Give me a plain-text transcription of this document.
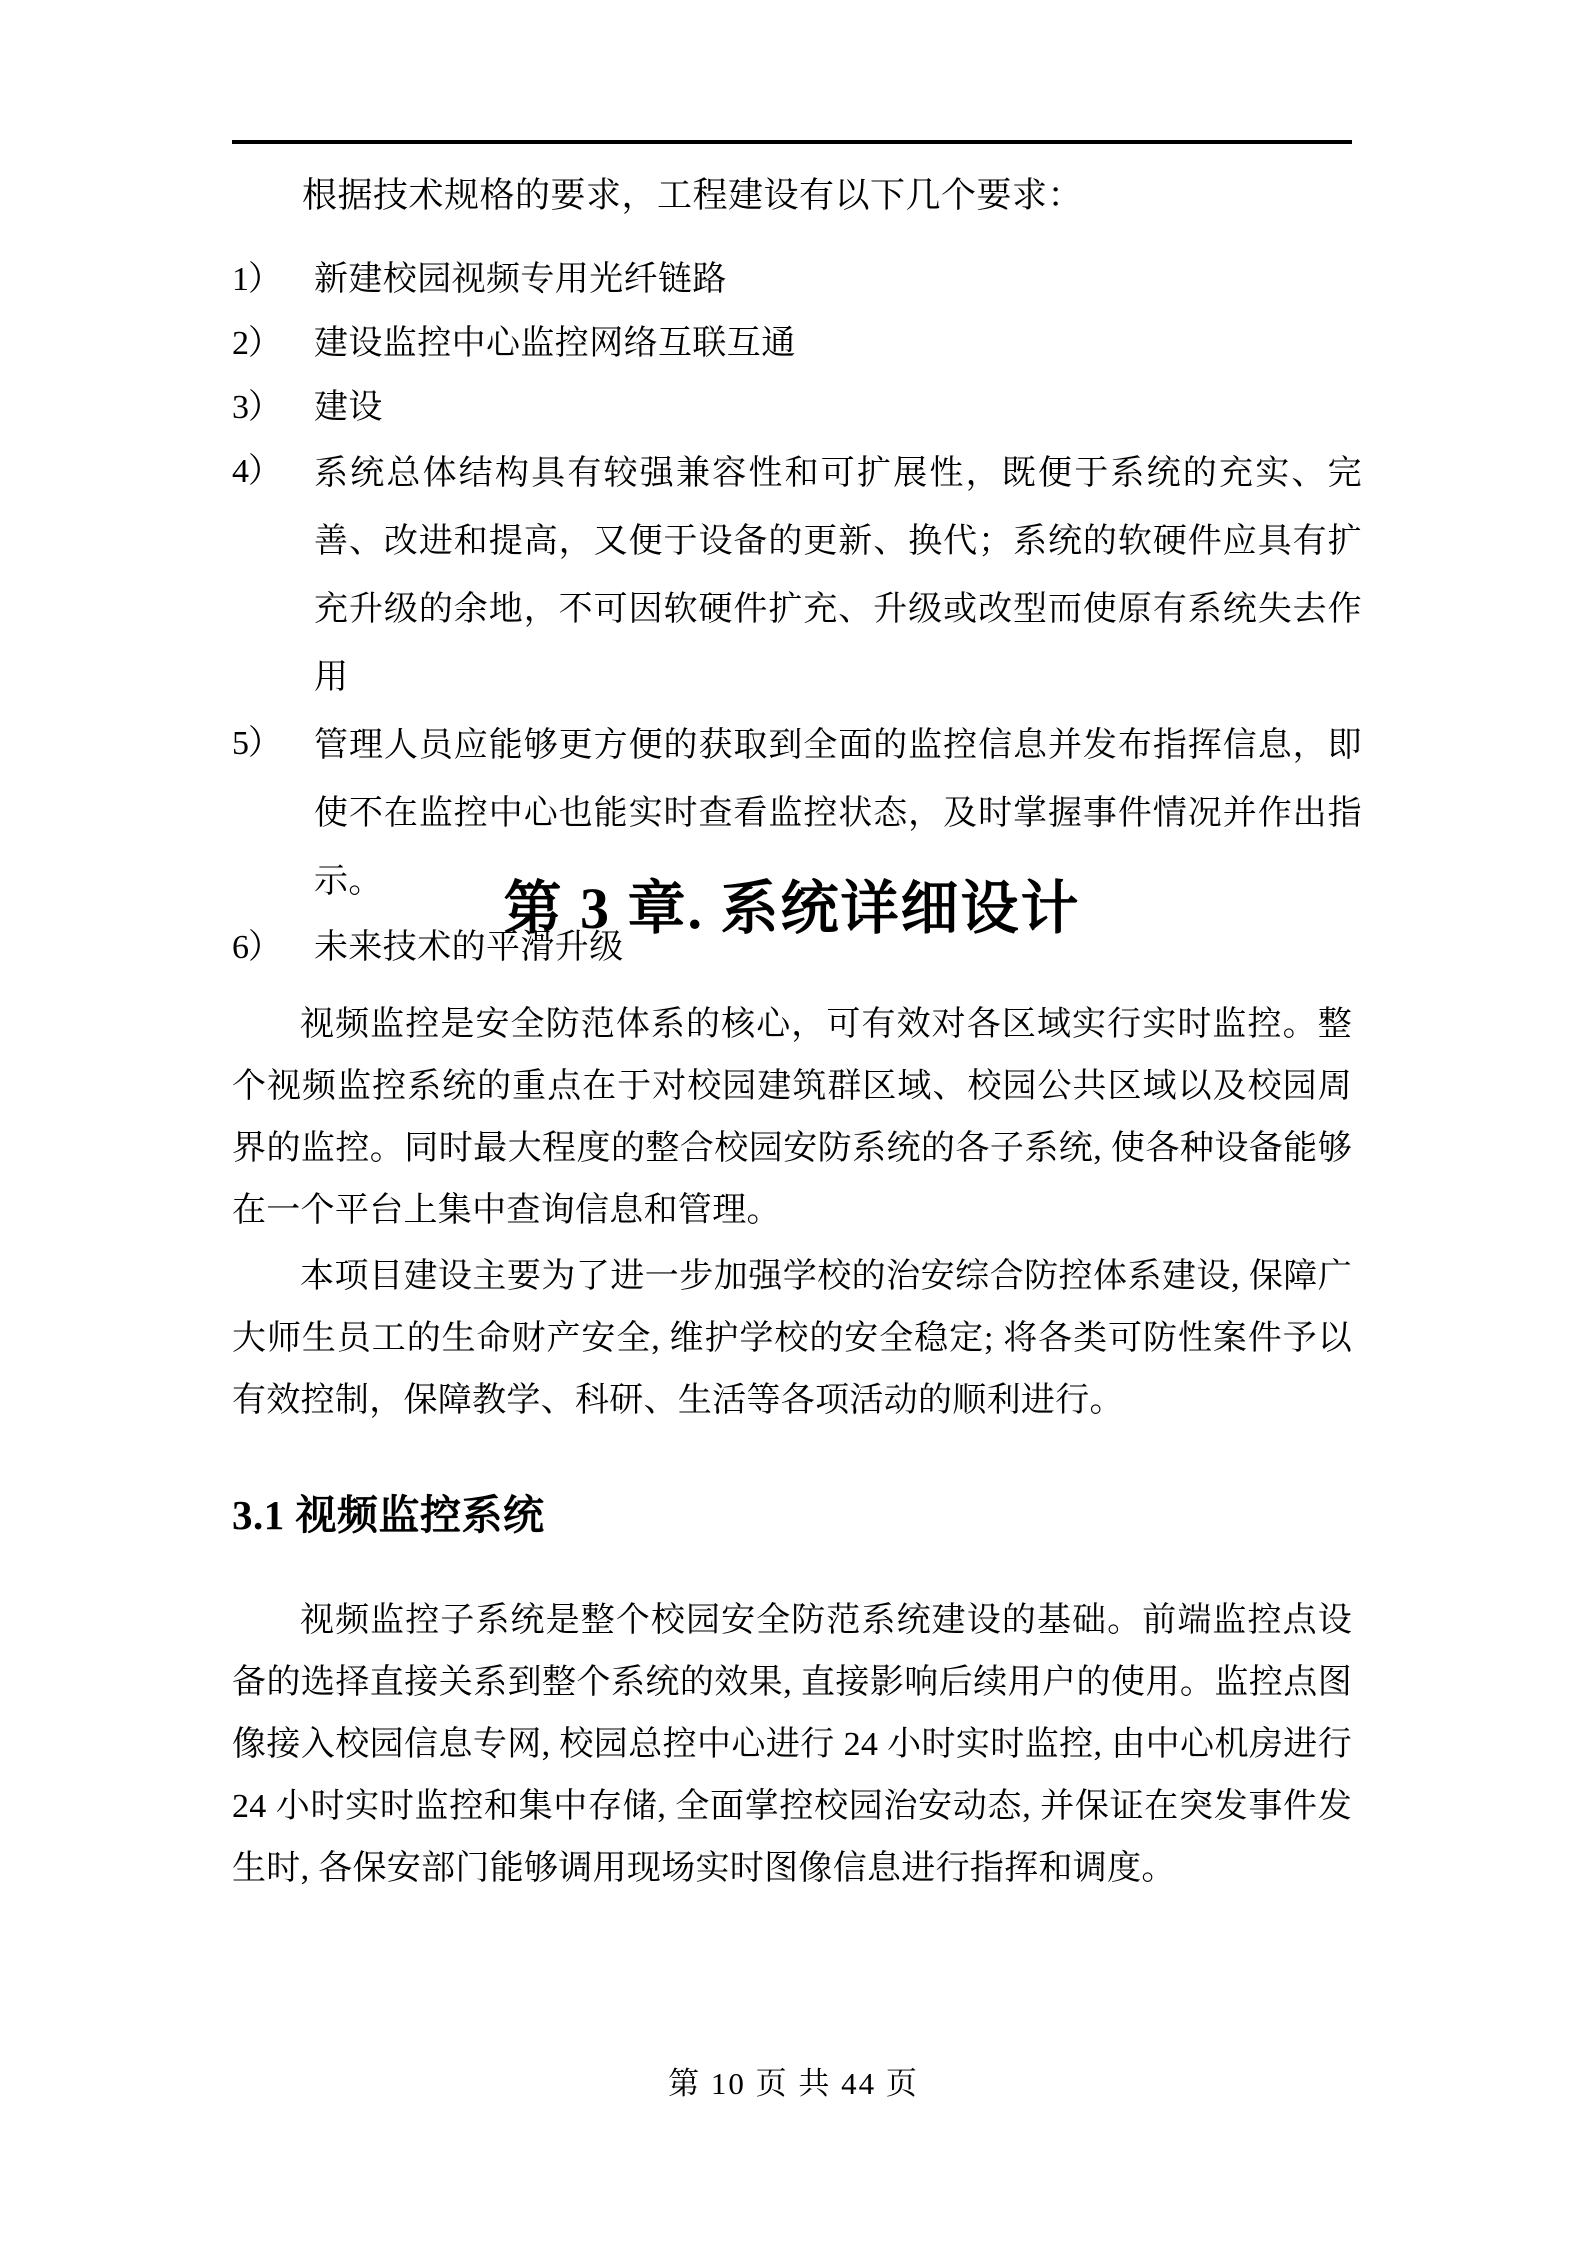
根据技术规格的要求，工程建设有以下几个要求：
1） 新建校园视频专用光纤链路
2） 建设监控中心监控网络互联互通
3） 建设
4） 系统总体结构具有较强兼容性和可扩展性，既便于系统的充实、完善、改进和提高，又便于设备的更新、换代；系统的软硬件应具有扩充升级的余地，不可因软硬件扩充、升级或改型而使原有系统失去作用
5） 管理人员应能够更方便的获取到全面的监控信息并发布指挥信息，即使不在监控中心也能实时查看监控状态，及时掌握事件情况并作出指示。
6） 未来技术的平滑升级
第 3 章. 系统详细设计

视频监控是安全防范体系的核心，可有效对各区域实行实时监控。整个视频监控系统的重点在于对校园建筑群区域、校园公共区域以及校园周界的监控。同时最大程度的整合校园安防系统的各子系统, 使各种设备能够在一个平台上集中查询信息和管理。

本项目建设主要为了进一步加强学校的治安综合防控体系建设, 保障广大师生员工的生命财产安全, 维护学校的安全稳定; 将各类可防性案件予以有效控制，保障教学、科研、生活等各项活动的顺利进行。

3.1 视频监控系统

视频监控子系统是整个校园安全防范系统建设的基础。前端监控点设备的选择直接关系到整个系统的效果, 直接影响后续用户的使用。监控点图像接入校园信息专网, 校园总控中心进行 24 小时实时监控, 由中心机房进行 24 小时实时监控和集中存储, 全面掌控校园治安动态, 并保证在突发事件发生时, 各保安部门能够调用现场实时图像信息进行指挥和调度。

第 10 页 共 44 页
